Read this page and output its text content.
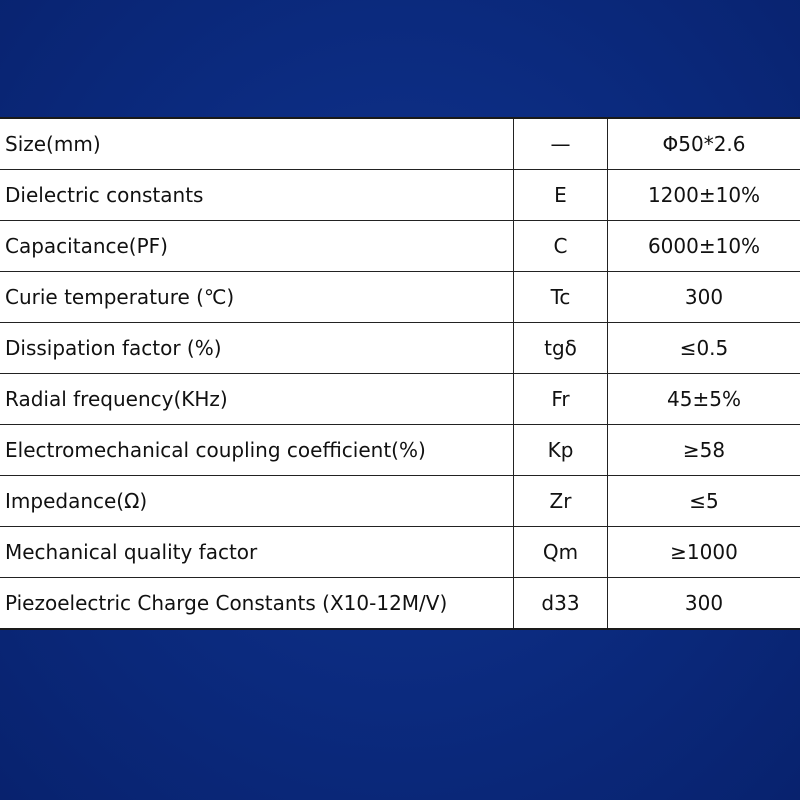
Size(mm)	—	Φ50*2.6
Dielectric constants	E	1200±10%
Capacitance(PF)	C	6000±10%
Curie temperature (℃)	Tc	300
Dissipation factor (%)	tgδ	≤0.5
Radial frequency(KHz)	Fr	45±5%
Electromechanical coupling coefficient(%)	Kp	≥58
Impedance(Ω)	Zr	≤5
Mechanical quality factor	Qm	≥1000
Piezoelectric Charge Constants (X10-12M/V)	d33	300
